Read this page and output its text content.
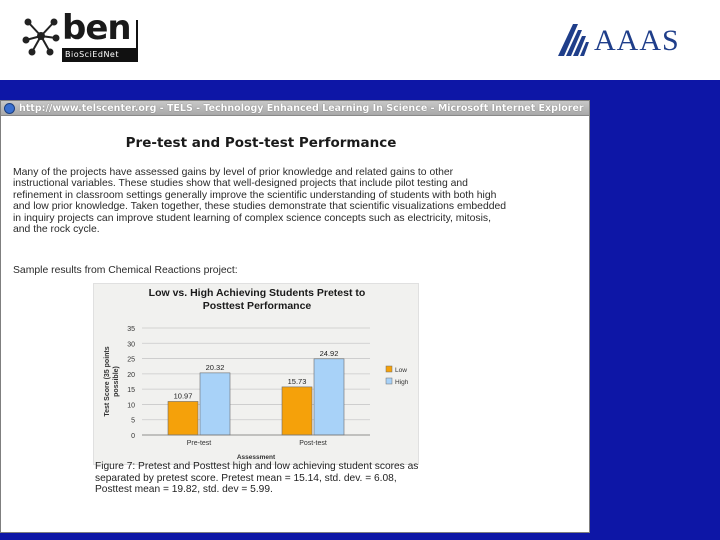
ben
BioSciEdNet	AAAS
http://www.telscenter.org - TELS - Technology Enhanced Learning In Science - Microsoft Internet Explorer
Pre-test and Post-test Performance
Many of the projects have assessed gains by level of prior knowledge and related gains to other instructional variables. These studies show that well-designed projects that include pilot testing and refinement in classroom settings generally improve the scientific understanding of students with both high and low prior knowledge. Taken together, these studies demonstrate that scientific visualizations embedded in inquiry projects can improve student learning of complex science concepts such as electricity, mitosis, and the rock cycle.
Sample results from Chemical Reactions project:
Low vs. High Achieving Students Pretest to
Posttest Performance
0
5
10
15
20
25
30
35
Test Score (35 points possible)	10.97
20.32
Pre-test
15.73
24.92
Post-test
Assessment
Low
High
Figure 7: Pretest and Posttest high and low achieving student scores as separated by pretest score. Pretest mean = 15.14, std. dev. = 6.08, Posttest mean = 19.82, std. dev = 5.99.
